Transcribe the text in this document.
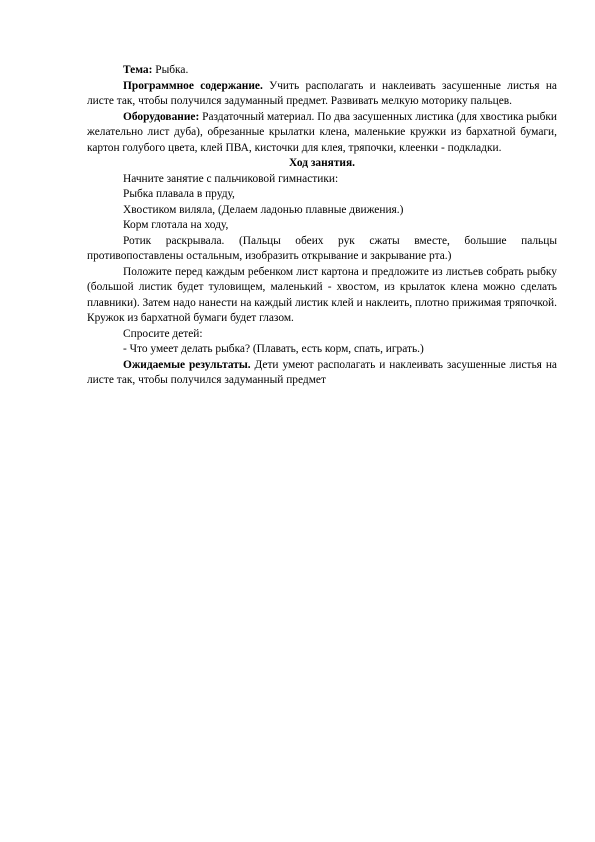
Тема: Рыбка.

Программное содержание. Учить располагать и наклеивать засушенные листья на листе так, чтобы получился задуманный предмет. Развивать мелкую моторику пальцев.

Оборудование: Раздаточный материал. По два засушенных листика (для хвостика рыбки желательно лист дуба), обрезанные крылатки клена, маленькие кружки из бархатной бумаги, картон голубого цвета, клей ПВА, кисточки для клея, тряпочки, клеенки - подкладки.

Ход занятия.

Начните занятие с пальчиковой гимнастики:

Рыбка плавала в пруду,

Хвостиком виляла, (Делаем ладонью плавные движения.)

Корм глотала на ходу,

Ротик раскрывала. (Пальцы обеих рук сжаты вместе, большие пальцы противопоставлены остальным, изобразить открывание и закрывание рта.)

Положите перед каждым ребенком лист картона и предложите из листьев собрать рыбку (большой листик будет туловищем, маленький - хвостом, из крылаток клена можно сделать плавники). Затем надо нанести на каждый листик клей и наклеить, плотно прижимая тряпочкой. Кружок из бархатной бумаги будет глазом.

Спросите детей:

- Что умеет делать рыбка? (Плавать, есть корм, спать, играть.)

Ожидаемые результаты. Дети умеют располагать и наклеивать засушенные листья на листе так, чтобы получился задуманный предмет
